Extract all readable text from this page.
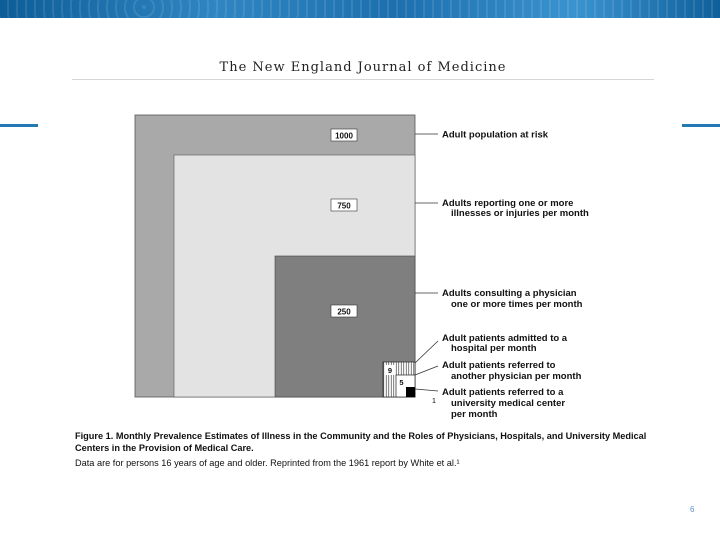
The New England Journal of Medicine
1000
750
250
9
5
1
Adult population at risk
Adults reporting one or more illnesses or injuries per month
Adults consulting a physician one or more times per month
Adult patients admitted to a hospital per month
Adult patients referred to another physician per month
Adult patients referred to a university medical center per month
Figure 1. Monthly Prevalence Estimates of Illness in the Community and the Roles of Physicians, Hospitals, and University Medical Centers in the Provision of Medical Care.
Data are for persons 16 years of age and older. Reprinted from the 1961 report by White et al.¹
6
